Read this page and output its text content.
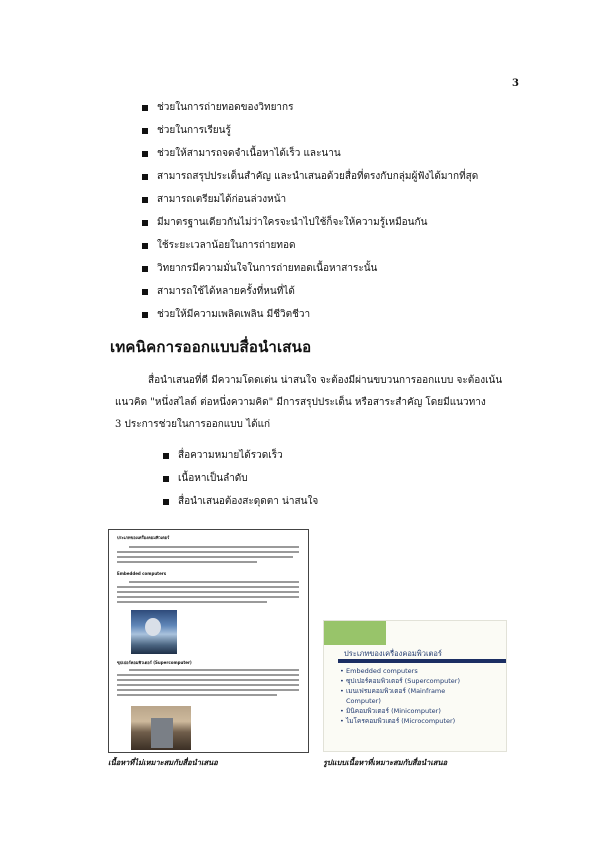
3
ช่วยในการถ่ายทอดของวิทยากร
ช่วยในการเรียนรู้
ช่วยให้สามารถจดจำเนื้อหาได้เร็ว และนาน
สามารถสรุปประเด็นสำคัญ และนำเสนอด้วยสื่อที่ตรงกับกลุ่มผู้ฟังได้มากที่สุด
สามารถเตรียมได้ก่อนล่วงหน้า
มีมาตรฐานเดียวกันไม่ว่าใครจะนำไปใช้ก็จะให้ความรู้เหมือนกัน
ใช้ระยะเวลาน้อยในการถ่ายทอด
วิทยากรมีความมั่นใจในการถ่ายทอดเนื้อหาสาระนั้น
สามารถใช้ได้หลายครั้งที่หนที่ได้
ช่วยให้มีความเพลิดเพลิน มีชีวิตชีวา
เทคนิคการออกแบบสื่อนำเสนอ
สื่อนำเสนอที่ดี มีความโดดเด่น น่าสนใจ จะต้องมีผ่านขบวนการออกแบบ จะต้องเน้น
แนวคิด "หนึ่งสไลด์ ต่อหนึ่งความคิด" มีการสรุปประเด็น หรือสาระสำคัญ โดยมีแนวทาง
3 ประการช่วยในการออกแบบ ได้แก่
สื่อความหมายได้รวดเร็ว
เนื้อหาเป็นลำดับ
สื่อนำเสนอต้องสะดุดตา น่าสนใจ
ประเภทของเครื่องคอมพิวเตอร์
Embedded computers
ซุปเปอร์คอมพิวเตอร์ (Supercomputer)
ประเภทของเครื่องคอมพิวเตอร์
• Embedded computers
• ซุปเปอร์คอมพิวเตอร์ (Supercomputer)
• เมนเฟรมคอมพิวเตอร์ (Mainframe
Computer)
• มินิคอมพิวเตอร์ (Minicomputer)
• ไมโครคอมพิวเตอร์ (Microcomputer)
เนื้อหาที่ไม่เหมาะสมกับสื่อนำเสนอ	รูปแบบเนื้อหาที่เหมาะสมกับสื่อนำเสนอ
